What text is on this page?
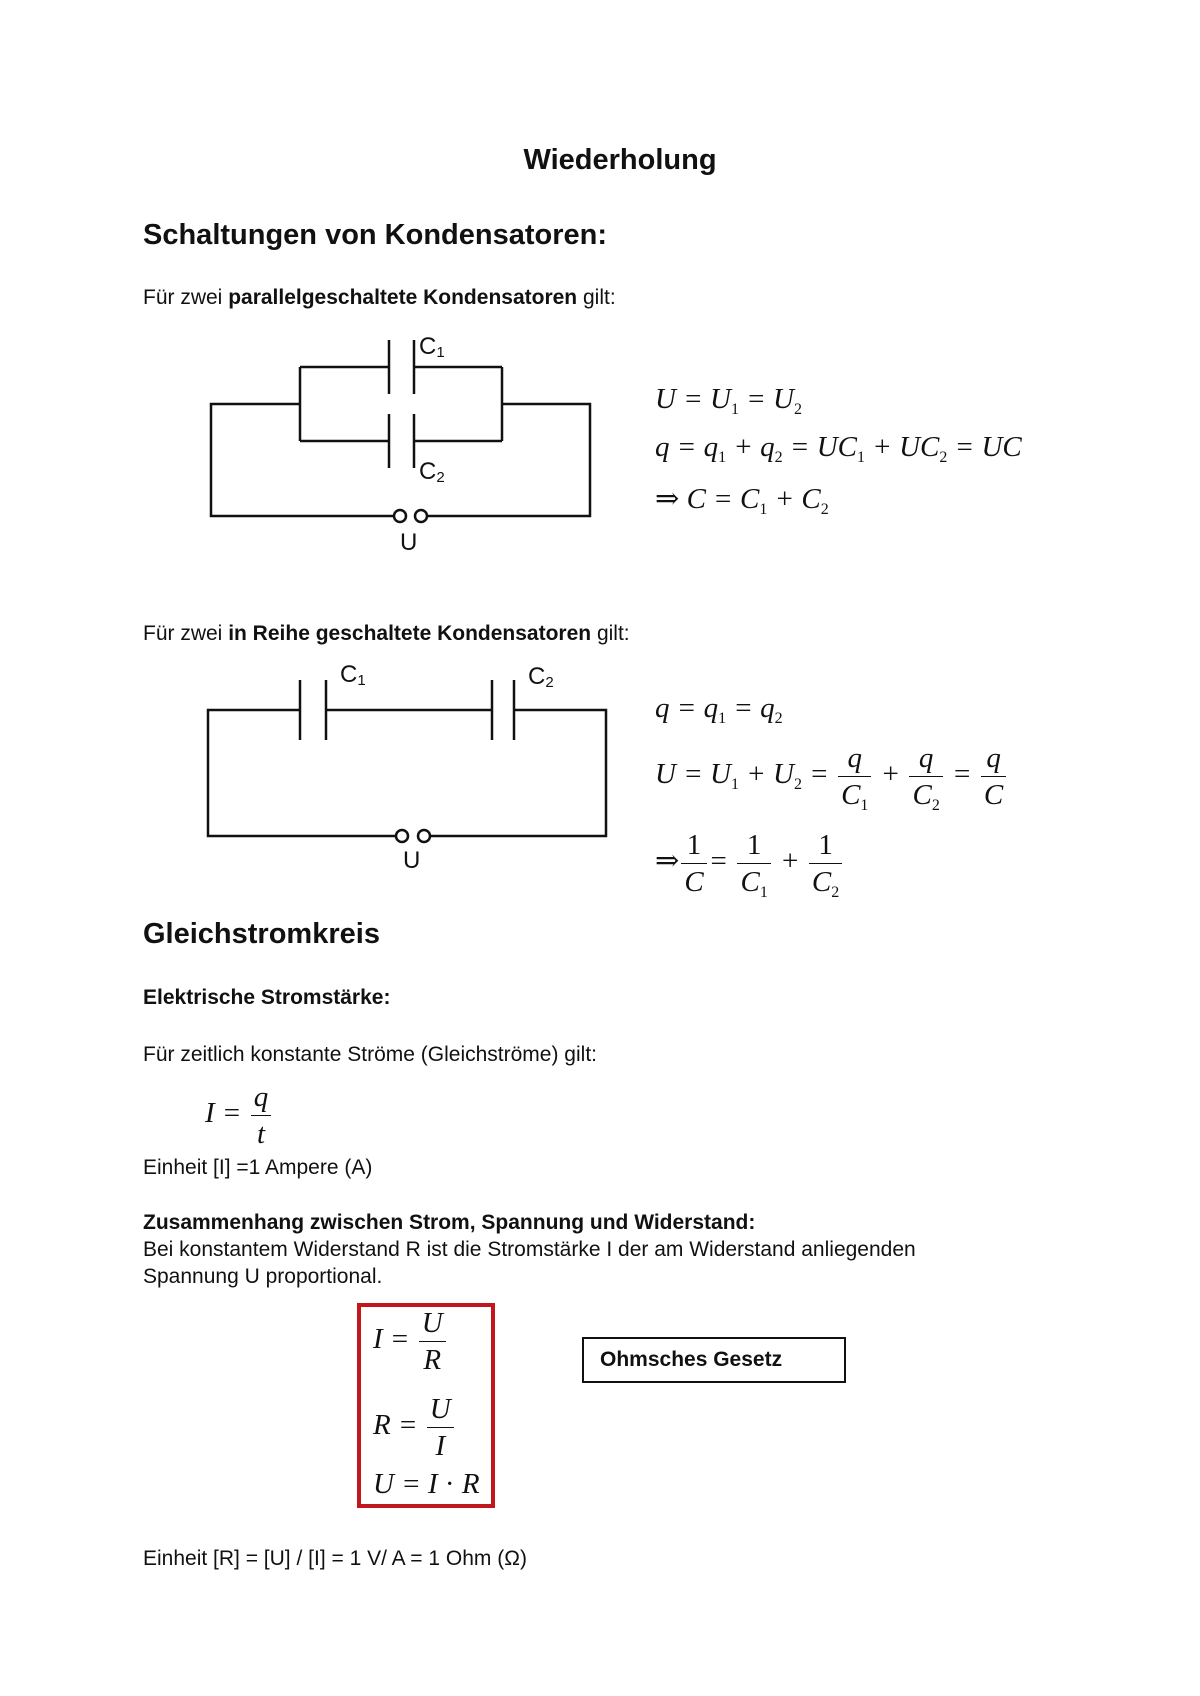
Wiederholung
Schaltungen von Kondensatoren:
Für zwei parallelgeschaltete Kondensatoren gilt:
C1
C2
U
C1	C2
U
$U = U_1 = U_2$
$q = q_1 + q_2 = UC_1 + UC_2$ = UC
⇒ $C = C_1 + C_2$
Für zwei in Reihe geschaltete Kondensatoren gilt:
$q = q_1 = q_2$
$U = U_1 + U_2 = \frac{q}{C_1} + \frac{q}{C_2} = \frac{q}{C}$
⇒ $\frac{1}{C} = \frac{1}{C_1} + \frac{1}{C_2}$
Gleichstromkreis
Elektrische Stromstärke:
Für zeitlich konstante Ströme (Gleichströme) gilt:
$I = \frac{q}{t}$
Einheit [I] =1 Ampere (A)
Zusammenhang zwischen Strom, Spannung und Widerstand:
Bei konstantem Widerstand R ist die Stromstärke I der am Widerstand anliegenden
Spannung U proportional.
$I = \frac{U}{R}$
$R = \frac{U}{I}$
U = I · R
Ohmsches Gesetz
Einheit [R] = [U] / [I] = 1 V/ A = 1 Ohm (Ω)
